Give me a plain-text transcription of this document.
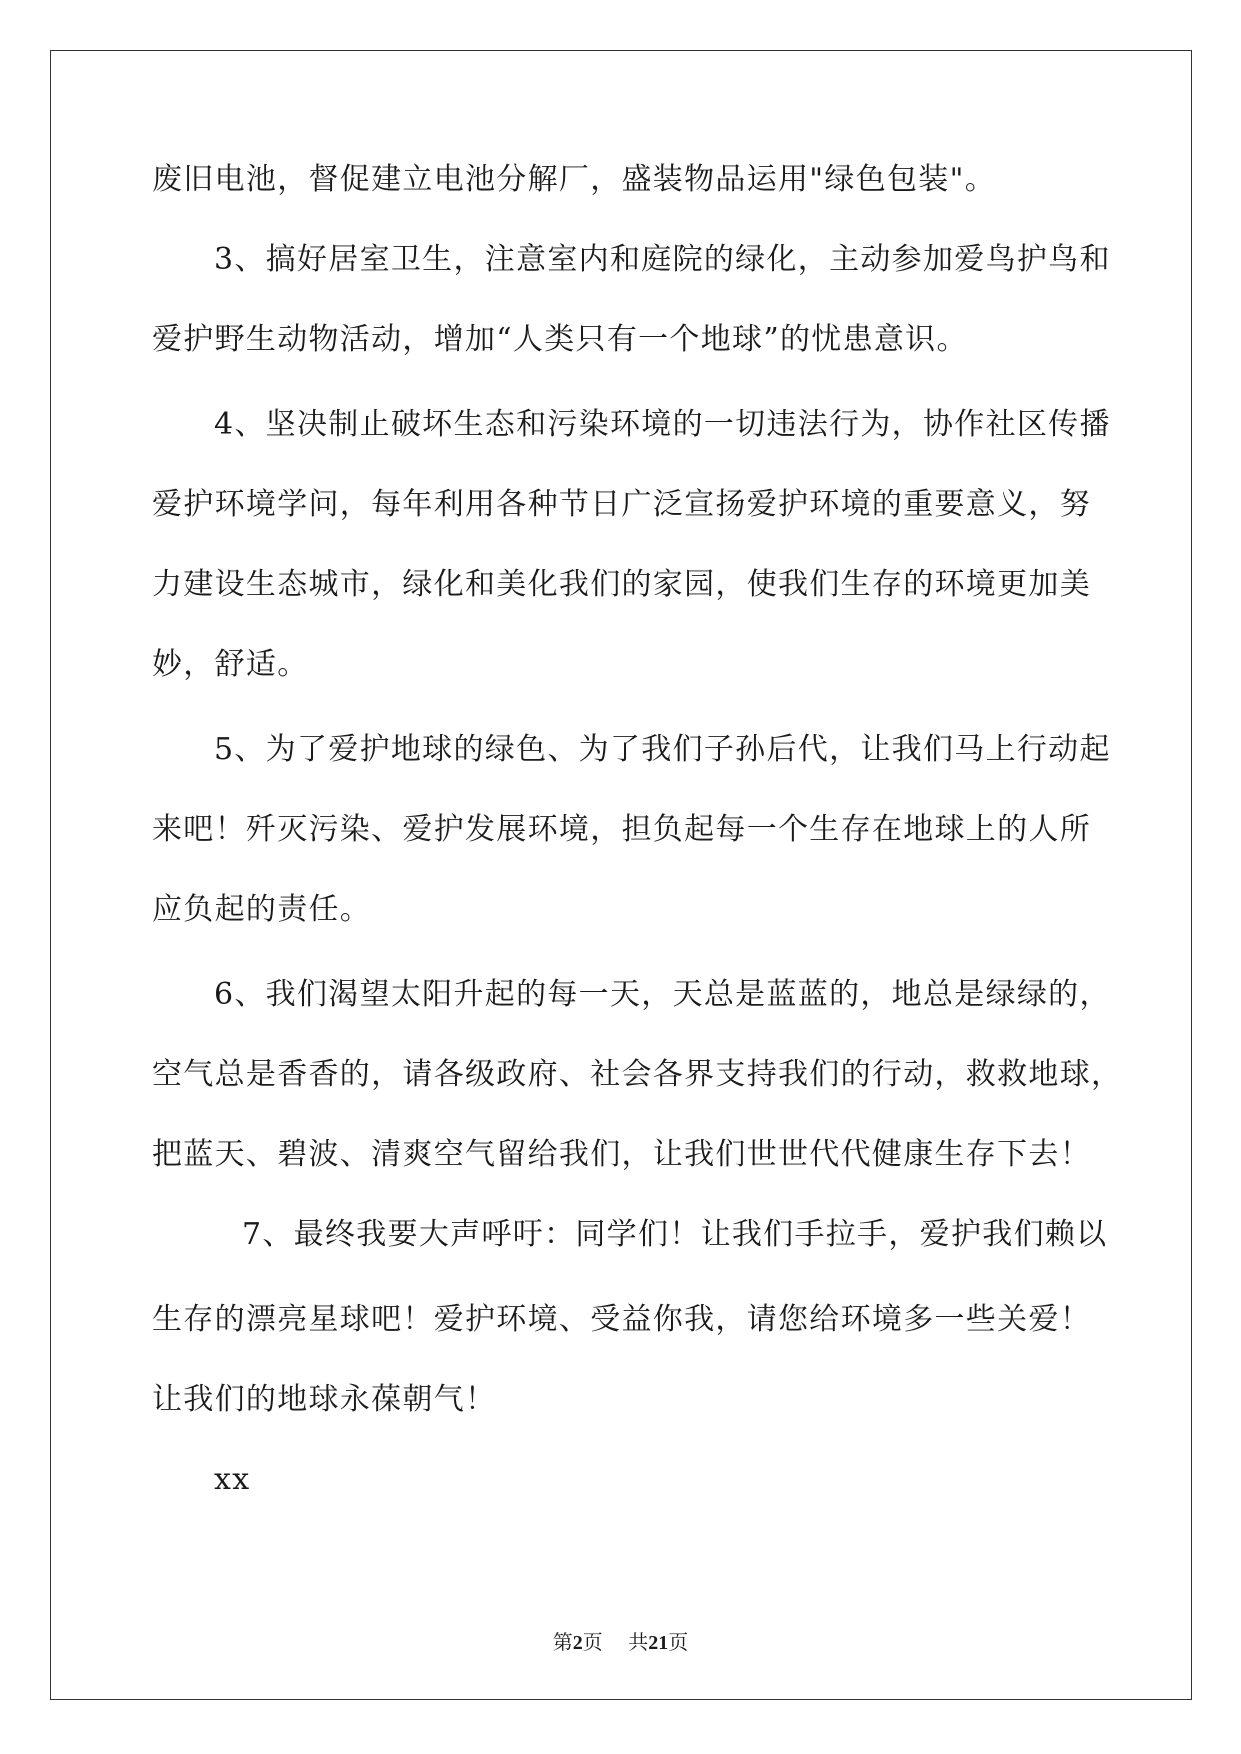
废旧电池，督促建立电池分解厂，盛装物品运用"绿色包装"。
3、搞好居室卫生，注意室内和庭院的绿化，主动参加爱鸟护鸟和
爱护野生动物活动，增加“人类只有一个地球”的忧患意识。
4、坚决制止破坏生态和污染环境的一切违法行为，协作社区传播
爱护环境学问，每年利用各种节日广泛宣扬爱护环境的重要意义，努
力建设生态城市，绿化和美化我们的家园，使我们生存的环境更加美
妙，舒适。
5、为了爱护地球的绿色、为了我们子孙后代，让我们马上行动起
来吧！歼灭污染、爱护发展环境，担负起每一个生存在地球上的人所
应负起的责任。
6、我们渴望太阳升起的每一天，天总是蓝蓝的，地总是绿绿的，
空气总是香香的，请各级政府、社会各界支持我们的行动，救救地球，
把蓝天、碧波、清爽空气留给我们，让我们世世代代健康生存下去！
7、最终我要大声呼吁：同学们！让我们手拉手，爱护我们赖以
生存的漂亮星球吧！爱护环境、受益你我，请您给环境多一些关爱！
让我们的地球永葆朝气！
xx
第2页 共21页
